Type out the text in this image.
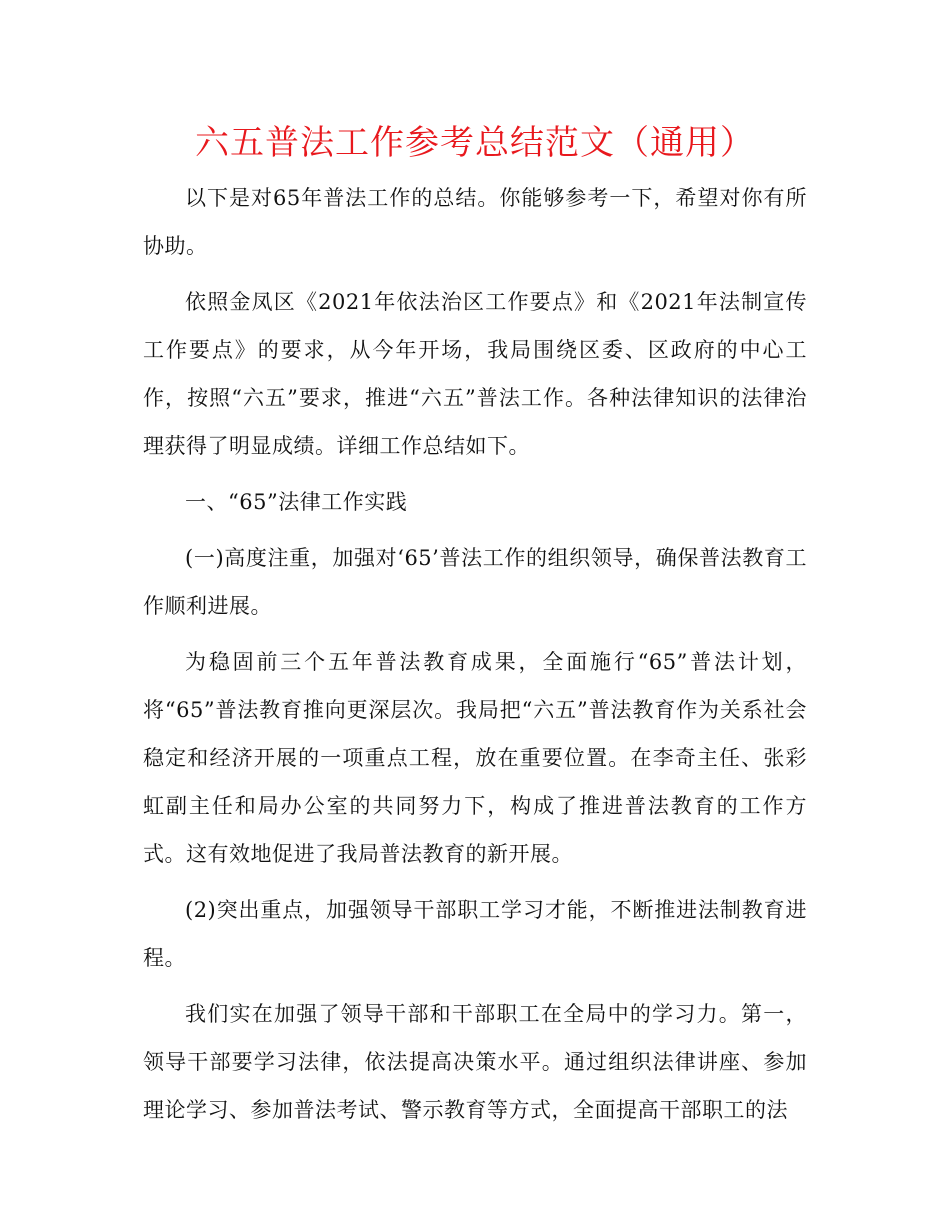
六五普法工作参考总结范文（通用）

以下是对65年普法工作的总结。你能够参考一下，希望对你有所协助。

依照金凤区《2021年依法治区工作要点》和《2021年法制宣传工作要点》的要求，从今年开场，我局围绕区委、区政府的中心工作，按照“六五”要求，推进“六五”普法工作。各种法律知识的法律治理获得了明显成绩。详细工作总结如下。

一、“65”法律工作实践

(一)高度注重，加强对‘65’普法工作的组织领导，确保普法教育工作顺利进展。

为稳固前三个五年普法教育成果，全面施行“65”普法计划，将“65”普法教育推向更深层次。我局把“六五”普法教育作为关系社会稳定和经济开展的一项重点工程，放在重要位置。在李奇主任、张彩虹副主任和局办公室的共同努力下，构成了推进普法教育的工作方式。这有效地促进了我局普法教育的新开展。

(2)突出重点，加强领导干部职工学习才能，不断推进法制教育进程。

我们实在加强了领导干部和干部职工在全局中的学习力。第一，领导干部要学习法律，依法提高决策水平。通过组织法律讲座、参加理论学习、参加普法考试、警示教育等方式，全面提高干部职工的法
